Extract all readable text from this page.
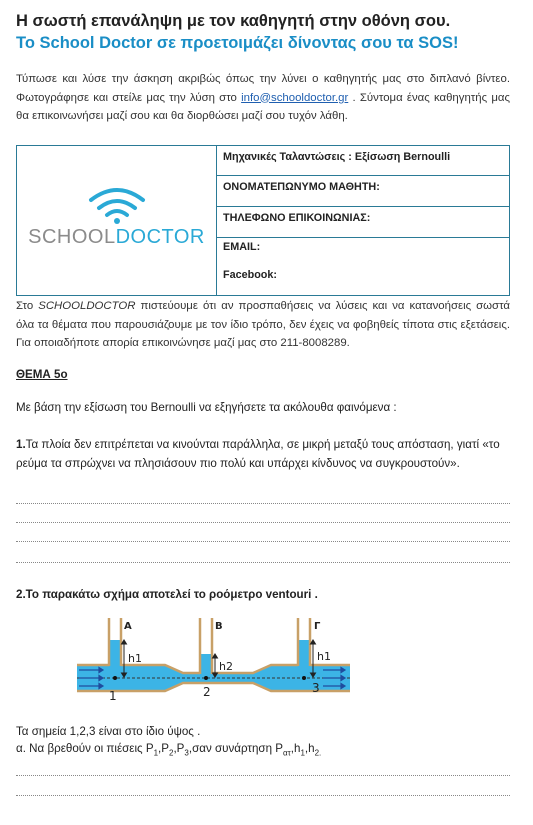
Η σωστή επανάληψη με τον καθηγητή στην οθόνη σου.
Το School Doctor σε προετοιμάζει δίνοντας σου τα SOS!
Τύπωσε και λύσε την άσκηση ακριβώς όπως την λύνει ο καθηγητής μας στο διπλανό βίντεο. Φωτογράφησε και στείλε μας την λύση στο info@schooldoctor.gr . Σύντομα ένας καθηγητής μας θα επικοινωνήσει μαζί σου και θα διορθώσει μαζί σου τυχόν λάθη.
SCHOOLDOCTOR
	Μηχανικές Ταλαντώσεις : Εξίσωση Bernoulli
ΟΝΟΜΑΤΕΠΩΝΥΜΟ ΜΑΘΗΤΗ:
ΤΗΛΕΦΩΝΟ ΕΠΙΚΟΙΝΩΝΙΑΣ:

EMAIL:
Facebook:
Στο SCHOOLDOCTOR πιστεύουμε ότι αν προσπαθήσεις να λύσεις και να κατανοήσεις σωστά όλα τα θέματα που παρουσιάζουμε με τον ίδιο τρόπο, δεν έχεις να φοβηθείς τίποτα στις εξετάσεις. Για οποιαδήποτε απορία επικοινώνησε μαζί μας στο 211-8008289.
ΘΕΜΑ 5ο
Με βάση την εξίσωση του Bernoulli να εξηγήσετε τα ακόλουθα φαινόμενα :
1.Τα πλοία δεν επιτρέπεται να κινούνται παράλληλα, σε μικρή μεταξύ τους απόσταση, γιατί «το ρεύμα τα σπρώχνει να πλησιάσουν πιο πολύ και υπάρχει κίνδυνος να συγκρουστούν».
2.Το παρακάτω σχήμα αποτελεί το ροόμετρο ventouri .
Α	Β	Γ
h1
h2
h1
1	2	3
Τα σημεία 1,2,3 είναι στο ίδιο ύψος .
α. Να βρεθούν οι πιέσεις $P_1,P_2,P_3,\sigma\alpha\nu$ συνάρτηση $P_{\alpha\tau},h_1,h_{2.}$
